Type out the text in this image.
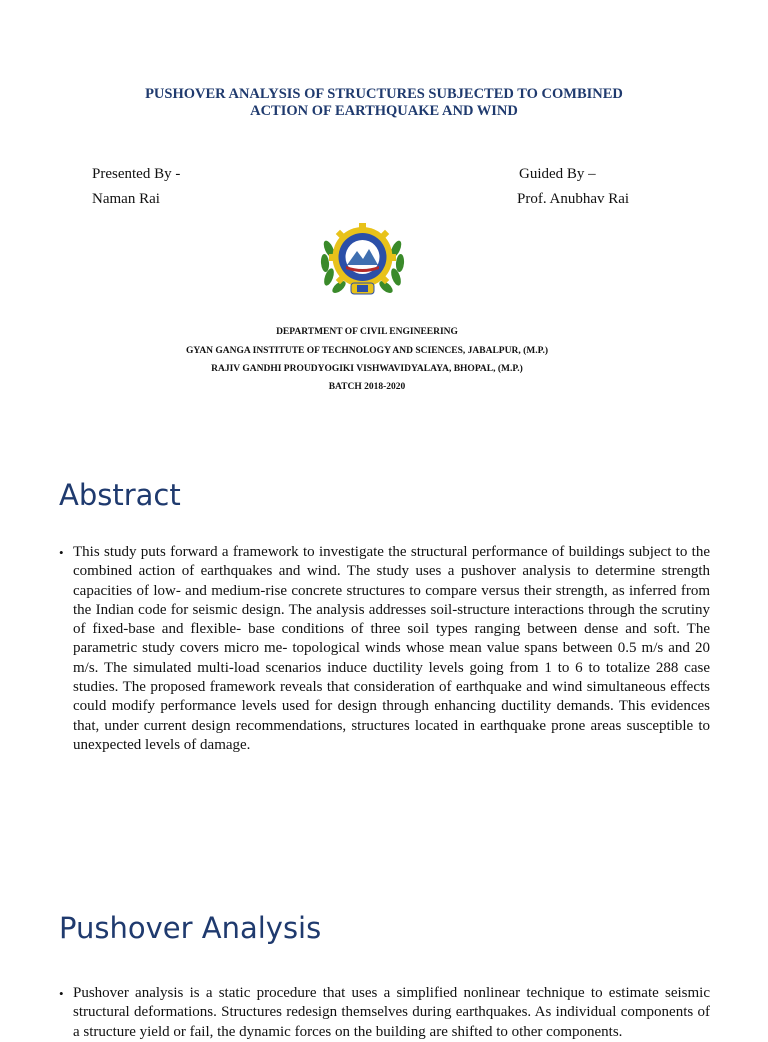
PUSHOVER ANALYSIS OF STRUCTURES SUBJECTED TO COMBINED
ACTION OF EARTHQUAKE AND WIND
Presented By -
Naman Rai
Guided By –
Prof. Anubhav Rai
DEPARTMENT OF CIVIL ENGINEERING
GYAN GANGA INSTITUTE OF TECHNOLOGY AND SCIENCES, JABALPUR, (M.P.)
RAJIV GANDHI PROUDYOGIKI VISHWAVIDYALAYA, BHOPAL, (M.P.)
BATCH 2018-2020
Abstract
• This study puts forward a framework to investigate the structural performance of buildings subject to the combined action of earthquakes and wind. The study uses a pushover analysis to determine strength capacities of low- and medium-rise concrete structures to compare versus their strength, as inferred from the Indian code for seismic design. The analysis addresses soil-structure interactions through the scrutiny of fixed-base and flexible- base conditions of three soil types ranging between dense and soft. The parametric study covers micro me- topological winds whose mean value spans between 0.5 m/s and 20 m/s. The simulated multi-load scenarios induce ductility levels going from 1 to 6 to totalize 288 case studies. The proposed framework reveals that consideration of earthquake and wind simultaneous effects could modify performance levels used for design through enhancing ductility demands. This evidences that, under current design recommendations, structures located in earthquake prone areas susceptible to unexpected levels of damage.
Pushover Analysis
• Pushover analysis is a static procedure that uses a simplified nonlinear technique to estimate seismic structural deformations. Structures redesign themselves during earthquakes. As individual components of a structure yield or fail, the dynamic forces on the building are shifted to other components.
